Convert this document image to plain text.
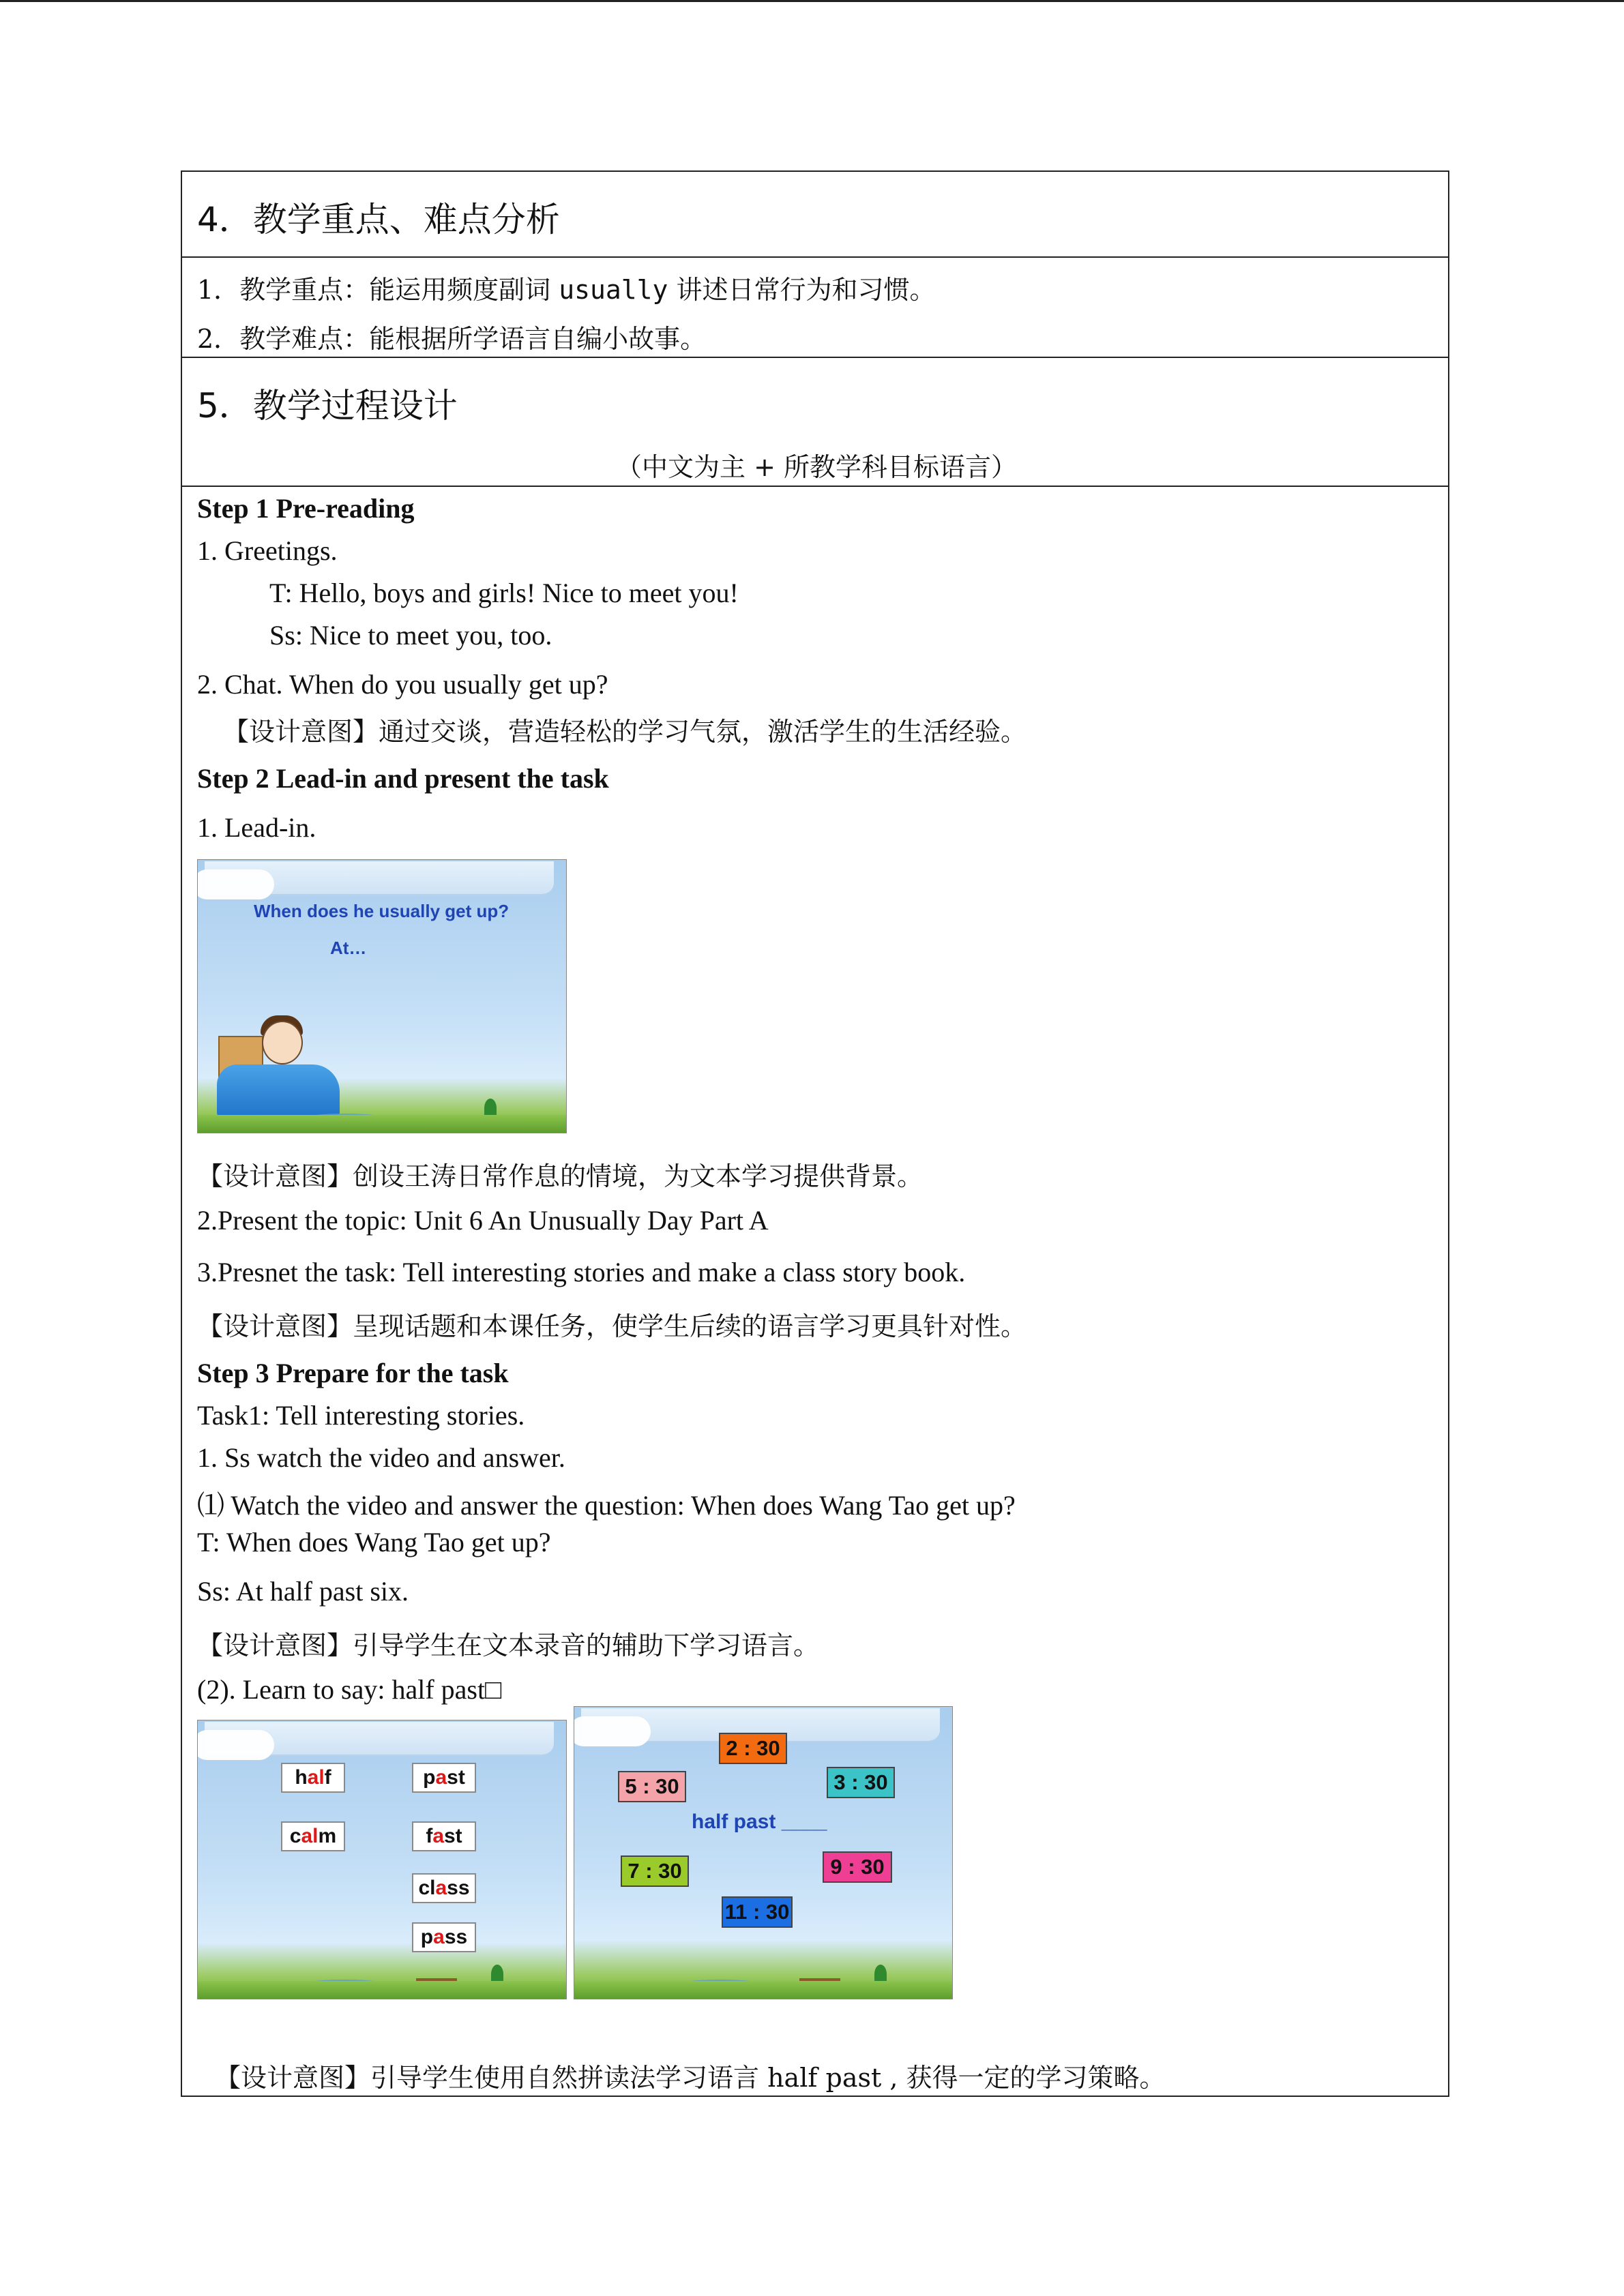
4．教学重点、难点分析
1．教学重点：能运用频度副词 usually 讲述日常行为和习惯。
2．教学难点：能根据所学语言自编小故事。
5．教学过程设计
（中文为主 + 所教学科目标语言）
Step 1 Pre-reading
1. Greetings.
T: Hello, boys and girls! Nice to meet you!
Ss: Nice to meet you, too.
2. Chat. When do you usually get up?
【设计意图】通过交谈，营造轻松的学习气氛，激活学生的生活经验。
Step 2 Lead-in and present the task
1. Lead-in.
When does he usually get up?
At…
【设计意图】创设王涛日常作息的情境，为文本学习提供背景。
2.Present the topic: Unit 6 An Unusually Day Part A
3.Presnet the task: Tell interesting stories and make a class story book.
【设计意图】呈现话题和本课任务，使学生后续的语言学习更具针对性。
Step 3 Prepare for the task
Task1: Tell interesting stories.
1. Ss watch the video and answer.
⑴ Watch the video and answer the question: When does Wang Tao get up?
T: When does Wang Tao get up?
Ss: At half past six.
【设计意图】引导学生在文本录音的辅助下学习语言。
(2). Learn to say: half past□
h al f	p a st
c al m	f a st
cl a ss
p a ss
2 : 30
5 : 30	3 : 30
half past ____
7 : 30	9 : 30
11 : 30
【设计意图】引导学生使用自然拼读法学习语言 half past , 获得一定的学习策略。
